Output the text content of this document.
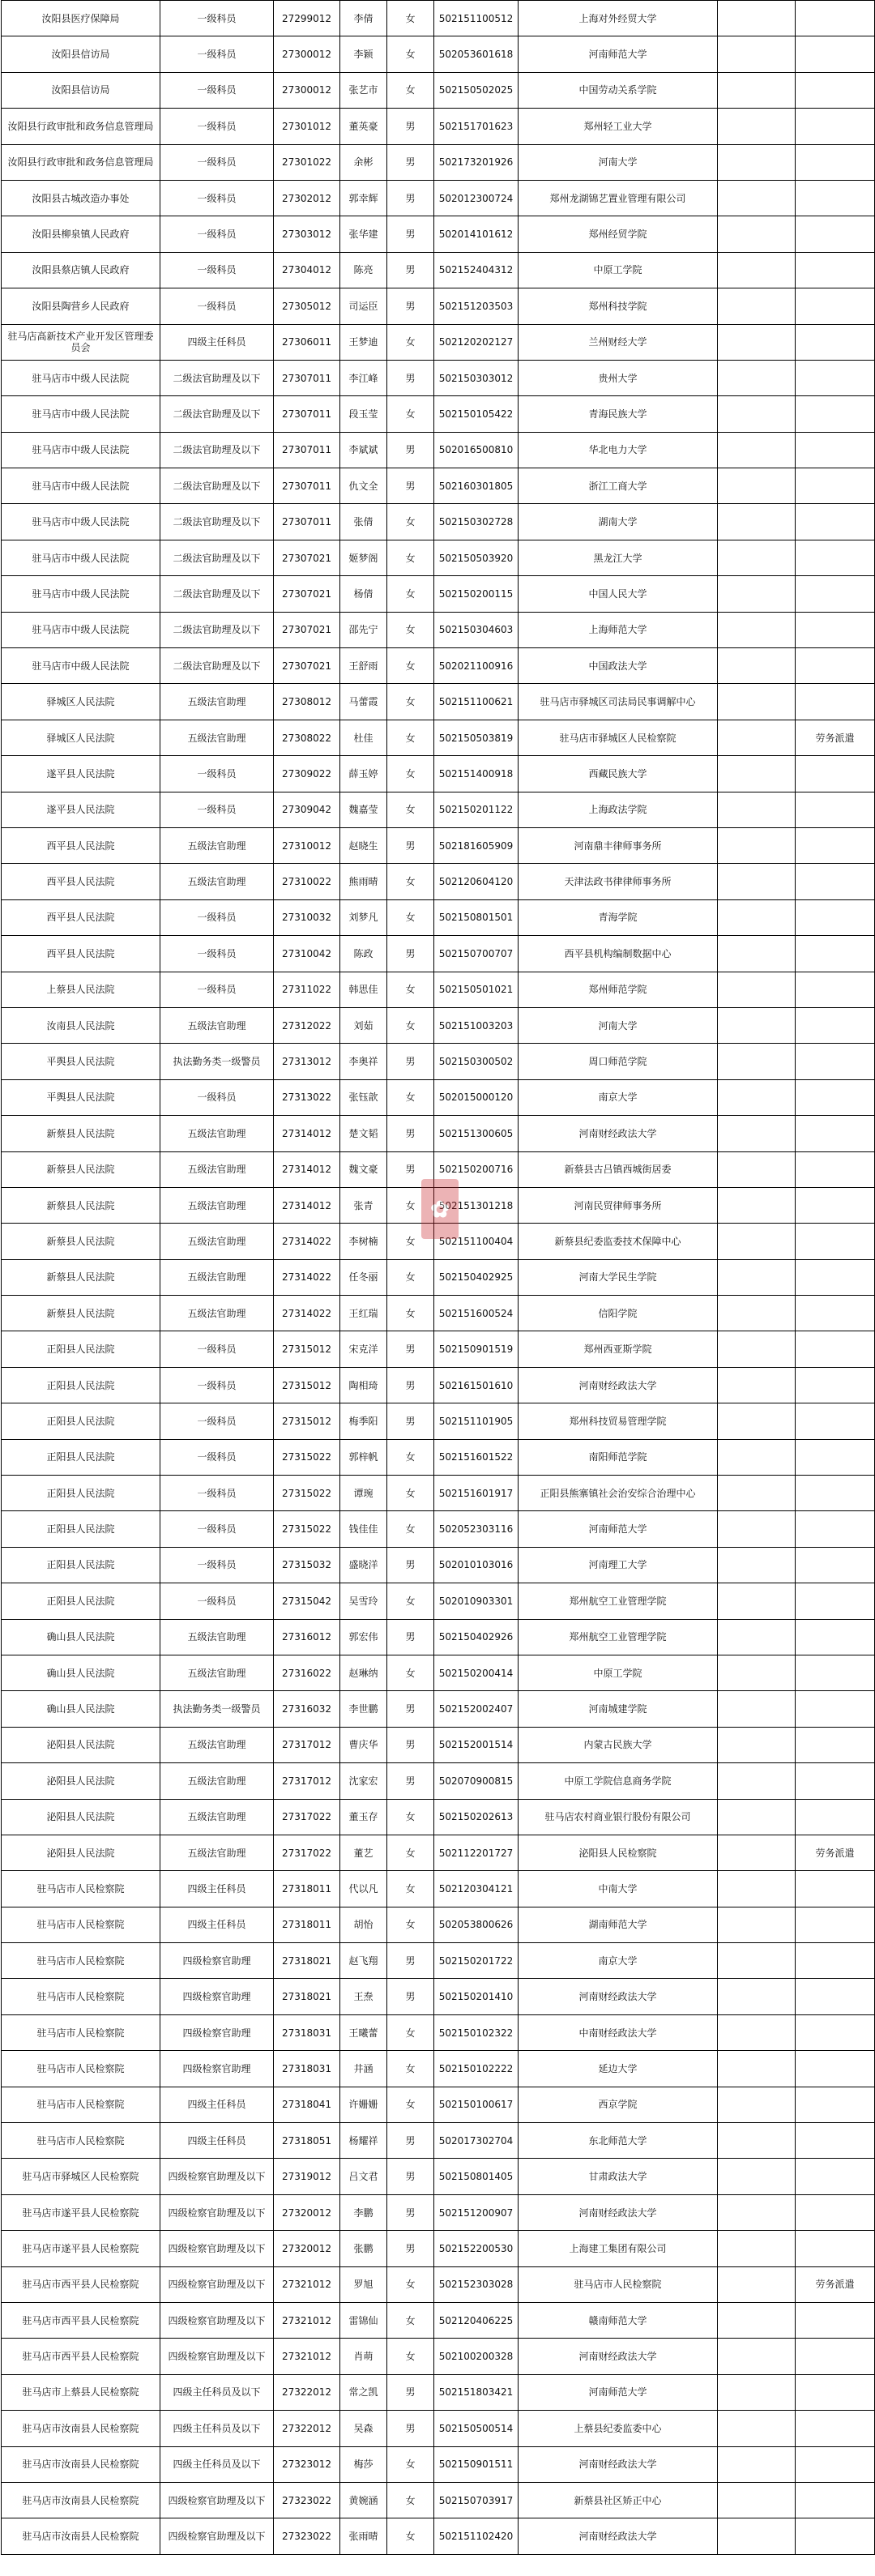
汝阳县医疗保障局	一级科员	27299012	李倩	女	502151100512	上海对外经贸大学		
汝阳县信访局	一级科员	27300012	李颖	女	502053601618	河南师范大学		
汝阳县信访局	一级科员	27300012	张艺市	女	502150502025	中国劳动关系学院		
汝阳县行政审批和政务信息管理局	一级科员	27301012	董英豪	男	502151701623	郑州轻工业大学		
汝阳县行政审批和政务信息管理局	一级科员	27301022	余彬	男	502173201926	河南大学		
汝阳县古城改造办事处	一级科员	27302012	郭幸辉	男	502012300724	郑州龙湖锦艺置业管理有限公司		
汝阳县柳泉镇人民政府	一级科员	27303012	张华建	男	502014101612	郑州经贸学院		
汝阳县蔡店镇人民政府	一级科员	27304012	陈亮	男	502152404312	中原工学院		
汝阳县陶营乡人民政府	一级科员	27305012	司运臣	男	502151203503	郑州科技学院		
驻马店高新技术产业开发区管理委员会	四级主任科员	27306011	王梦迪	女	502120202127	兰州财经大学		
驻马店市中级人民法院	二级法官助理及以下	27307011	李江峰	男	502150303012	贵州大学		
驻马店市中级人民法院	二级法官助理及以下	27307011	段玉莹	女	502150105422	青海民族大学		
驻马店市中级人民法院	二级法官助理及以下	27307011	李斌斌	男	502016500810	华北电力大学		
驻马店市中级人民法院	二级法官助理及以下	27307011	仇文全	男	502160301805	浙江工商大学		
驻马店市中级人民法院	二级法官助理及以下	27307011	张倩	女	502150302728	湖南大学		
驻马店市中级人民法院	二级法官助理及以下	27307021	姬梦阁	女	502150503920	黑龙江大学		
驻马店市中级人民法院	二级法官助理及以下	27307021	杨倩	女	502150200115	中国人民大学		
驻马店市中级人民法院	二级法官助理及以下	27307021	邵先宁	女	502150304603	上海师范大学		
驻马店市中级人民法院	二级法官助理及以下	27307021	王舒雨	女	502021100916	中国政法大学		
驿城区人民法院	五级法官助理	27308012	马蕾霞	女	502151100621	驻马店市驿城区司法局民事调解中心		
驿城区人民法院	五级法官助理	27308022	杜佳	女	502150503819	驻马店市驿城区人民检察院		劳务派遣
遂平县人民法院	一级科员	27309022	薛玉婷	女	502151400918	西藏民族大学		
遂平县人民法院	一级科员	27309042	魏嘉莹	女	502150201122	上海政法学院		
西平县人民法院	五级法官助理	27310012	赵晓生	男	502181605909	河南鼎丰律师事务所		
西平县人民法院	五级法官助理	27310022	熊雨晴	女	502120604120	天津法政书律律师事务所		
西平县人民法院	一级科员	27310032	刘梦凡	女	502150801501	青海学院		
西平县人民法院	一级科员	27310042	陈政	男	502150700707	西平县机构编制数据中心		
上蔡县人民法院	一级科员	27311022	韩思佳	女	502150501021	郑州师范学院		
汝南县人民法院	五级法官助理	27312022	刘茹	女	502151003203	河南大学		
平舆县人民法院	执法勤务类一级警员	27313012	李奥祥	男	502150300502	周口师范学院		
平舆县人民法院	一级科员	27313022	张钰歆	女	502015000120	南京大学		
新蔡县人民法院	五级法官助理	27314012	楚文韬	男	502151300605	河南财经政法大学		
新蔡县人民法院	五级法官助理	27314012	魏文豪	男	502150200716	新蔡县古吕镇西城街居委		
新蔡县人民法院	五级法官助理	27314012	张青	女	502151301218	河南民贸律师事务所		
新蔡县人民法院	五级法官助理	27314022	李树楠	女	502151100404	新蔡县纪委监委技术保障中心		
新蔡县人民法院	五级法官助理	27314022	任冬丽	女	502150402925	河南大学民生学院		
新蔡县人民法院	五级法官助理	27314022	王红瑞	女	502151600524	信阳学院		
正阳县人民法院	一级科员	27315012	宋克洋	男	502150901519	郑州西亚斯学院		
正阳县人民法院	一级科员	27315012	陶相琦	男	502161501610	河南财经政法大学		
正阳县人民法院	一级科员	27315012	梅季阳	男	502151101905	郑州科技贸易管理学院		
正阳县人民法院	一级科员	27315022	郭梓帆	女	502151601522	南阳师范学院		
正阳县人民法院	一级科员	27315022	谭琬	女	502151601917	正阳县熊寨镇社会治安综合治理中心		
正阳县人民法院	一级科员	27315022	钱佳佳	女	502052303116	河南师范大学		
正阳县人民法院	一级科员	27315032	盛晓洋	男	502010103016	河南理工大学		
正阳县人民法院	一级科员	27315042	吴雪玲	女	502010903301	郑州航空工业管理学院		
确山县人民法院	五级法官助理	27316012	郭宏伟	男	502150402926	郑州航空工业管理学院		
确山县人民法院	五级法官助理	27316022	赵琳纳	女	502150200414	中原工学院		
确山县人民法院	执法勤务类一级警员	27316032	李世鹏	男	502152002407	河南城建学院		
泌阳县人民法院	五级法官助理	27317012	曹庆华	男	502152001514	内蒙古民族大学		
泌阳县人民法院	五级法官助理	27317012	沈家宏	男	502070900815	中原工学院信息商务学院		
泌阳县人民法院	五级法官助理	27317022	董玉存	女	502150202613	驻马店农村商业银行股份有限公司		
泌阳县人民法院	五级法官助理	27317022	董艺	女	502112201727	泌阳县人民检察院		劳务派遣
驻马店市人民检察院	四级主任科员	27318011	代以凡	女	502120304121	中南大学		
驻马店市人民检察院	四级主任科员	27318011	胡怡	女	502053800626	湖南师范大学		
驻马店市人民检察院	四级检察官助理	27318021	赵飞翔	男	502150201722	南京大学		
驻马店市人民检察院	四级检察官助理	27318021	王焘	男	502150201410	河南财经政法大学		
驻马店市人民检察院	四级检察官助理	27318031	王曦蕾	女	502150102322	中南财经政法大学		
驻马店市人民检察院	四级检察官助理	27318031	井涵	女	502150102222	延边大学		
驻马店市人民检察院	四级主任科员	27318041	许姗姗	女	502150100617	西京学院		
驻马店市人民检察院	四级主任科员	27318051	杨耀祥	男	502017302704	东北师范大学		
驻马店市驿城区人民检察院	四级检察官助理及以下	27319012	吕文君	男	502150801405	甘肃政法大学		
驻马店市遂平县人民检察院	四级检察官助理及以下	27320012	李鹏	男	502151200907	河南财经政法大学		
驻马店市遂平县人民检察院	四级检察官助理及以下	27320012	张鹏	男	502152200530	上海建工集团有限公司		
驻马店市西平县人民检察院	四级检察官助理及以下	27321012	罗旭	女	502152303028	驻马店市人民检察院		劳务派遣
驻马店市西平县人民检察院	四级检察官助理及以下	27321012	雷锦仙	女	502120406225	赣南师范大学		
驻马店市西平县人民检察院	四级检察官助理及以下	27321012	肖萌	女	502100200328	河南财经政法大学		
驻马店市上蔡县人民检察院	四级主任科员及以下	27322012	常之凯	男	502151803421	河南师范大学		
驻马店市汝南县人民检察院	四级主任科员及以下	27322012	吴森	男	502150500514	上蔡县纪委监委中心		
驻马店市汝南县人民检察院	四级主任科员及以下	27323012	梅莎	女	502150901511	河南财经政法大学		
驻马店市汝南县人民检察院	四级检察官助理及以下	27323022	黄婉涵	女	502150703917	新蔡县社区矫正中心		
驻马店市汝南县人民检察院	四级检察官助理及以下	27323022	张雨晴	女	502151102420	河南财经政法大学		
✿
